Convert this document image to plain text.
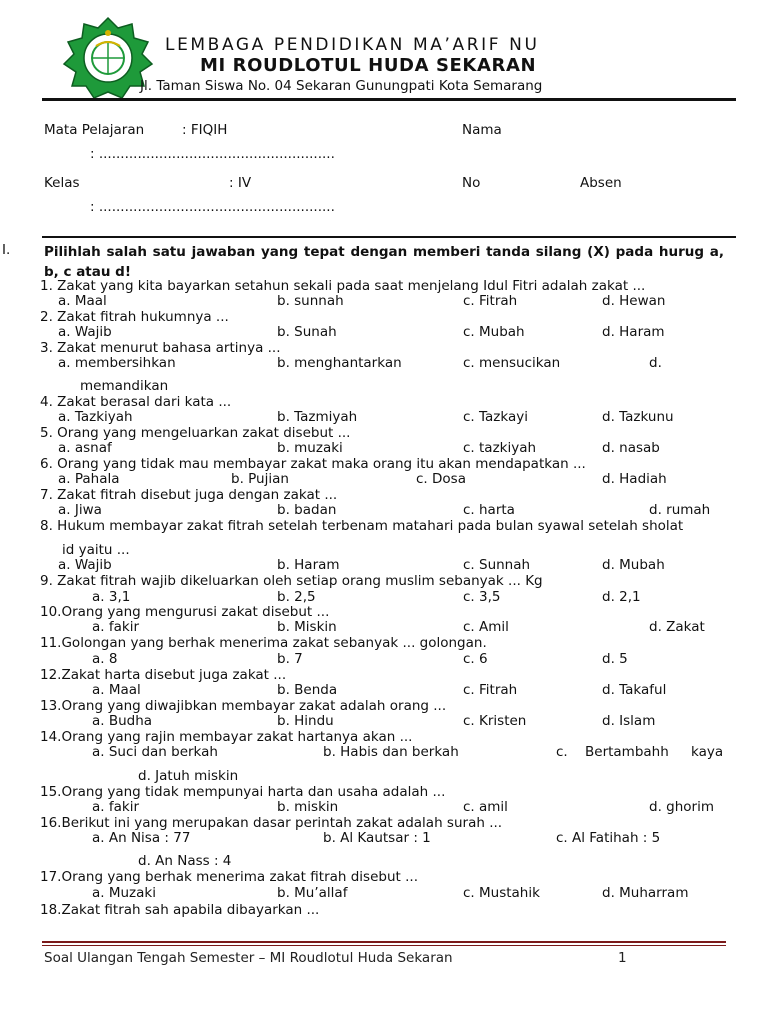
LEMBAGA PENDIDIKAN MA’ARIF NU
MI ROUDLOTUL HUDA SEKARAN
Jl. Taman Siswa No. 04 Sekaran Gunungpati Kota Semarang
Mata Pelajaran	: FIQIH	Nama
: .......................................................
Kelas	: IV	No	Absen
: .......................................................
I. Pilihlah salah satu jawaban yang tepat dengan memberi tanda silang (X) pada hurug a, b, c atau d!
1. Zakat yang kita bayarkan setahun sekali pada saat menjelang Idul Fitri adalah zakat ...
a. Maal	b. sunnah	c. Fitrah	d. Hewan
2. Zakat fitrah hukumnya ...
a. Wajib	b. Sunah	c. Mubah	d. Haram
3. Zakat menurut bahasa artinya ...
a. membersihkan	b. menghantarkan	c. mensucikan	d.
memandikan
4. Zakat berasal dari kata ...
a. Tazkiyah	b. Tazmiyah	c. Tazkayi	d. Tazkunu
5. Orang yang mengeluarkan zakat disebut ...
a. asnaf	b. muzaki	c. tazkiyah	d. nasab
6. Orang yang tidak mau membayar zakat maka orang itu akan mendapatkan ...
a. Pahala	b. Pujian	c. Dosa	d. Hadiah
7. Zakat fitrah disebut juga dengan zakat ...
a. Jiwa	b. badan	c. harta	d. rumah
8. Hukum membayar zakat fitrah setelah terbenam matahari pada bulan syawal setelah sholat
id yaitu ...
a. Wajib	b. Haram	c. Sunnah	d. Mubah
9. Zakat fitrah wajib dikeluarkan oleh setiap orang muslim sebanyak ... Kg
a. 3,1	b. 2,5	c. 3,5	d. 2,1
10.Orang yang mengurusi zakat disebut ...
a. fakir	b. Miskin	c. Amil	d. Zakat
11.Golongan yang berhak menerima zakat sebanyak ... golongan.
a. 8	b. 7	c. 6	d. 5
12.Zakat harta disebut juga zakat ...
a. Maal	b. Benda	c. Fitrah	d. Takaful
13.Orang yang diwajibkan membayar zakat adalah orang ...
a. Budha	b. Hindu	c. Kristen	d. Islam
14.Orang yang rajin membayar zakat hartanya akan ...
a. Suci dan berkah	b. Habis dan berkah	c. Bertambahh kaya
d. Jatuh miskin
15.Orang yang tidak mempunyai harta dan usaha adalah ...
a. fakir	b. miskin	c. amil	d. ghorim
16.Berikut ini yang merupakan dasar perintah zakat adalah surah ...
a. An Nisa : 77	b. Al Kautsar : 1	c. Al Fatihah : 5
d. An Nass : 4
17.Orang yang berhak menerima zakat fitrah disebut ...
a. Muzaki	b. Mu’allaf	c. Mustahik	d. Muharram
18.Zakat fitrah sah apabila dibayarkan ...
Soal Ulangan Tengah Semester – MI Roudlotul Huda Sekaran	1
